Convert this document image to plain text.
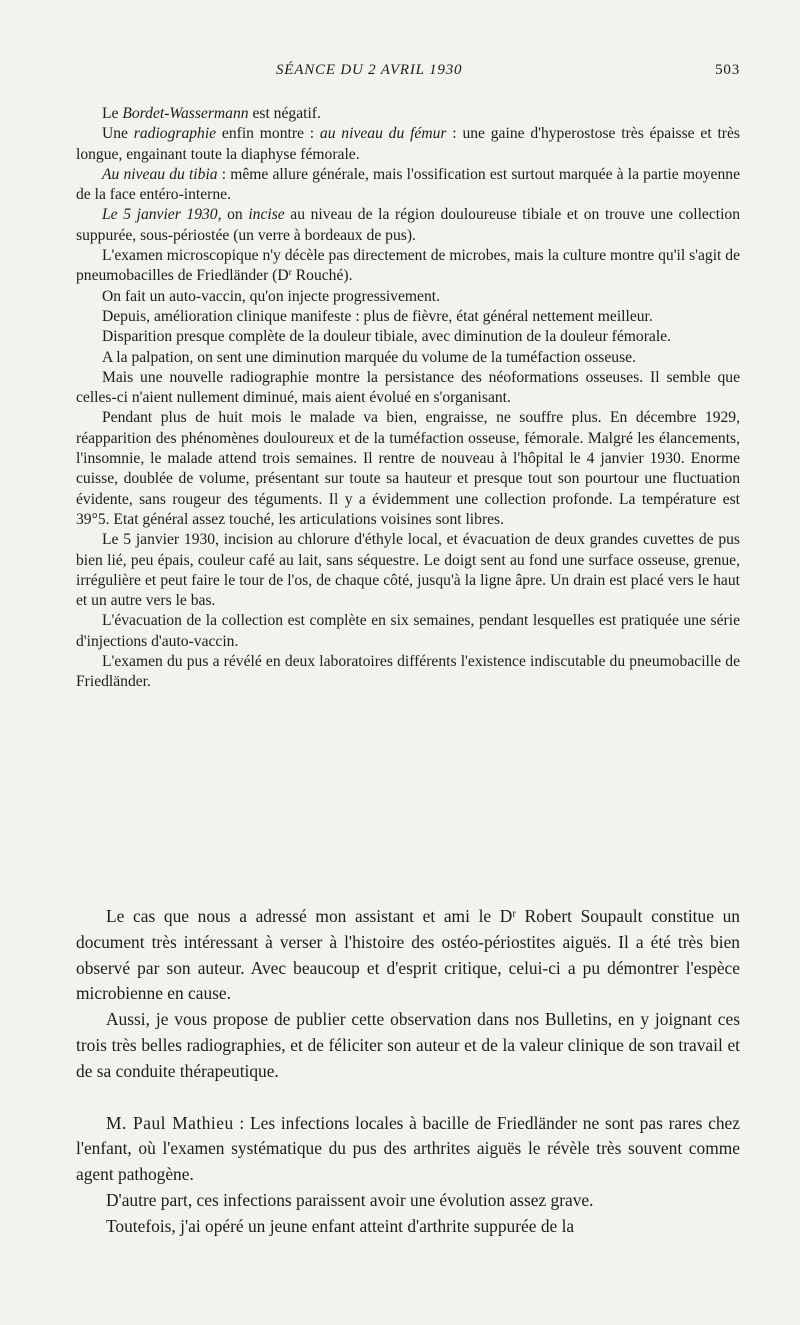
SÉANCE DU 2 AVRIL 1930	503

Le Bordet-Wassermann est négatif.

Une radiographie enfin montre : au niveau du fémur : une gaine d'hyperostose très épaisse et très longue, engainant toute la diaphyse fémorale.

Au niveau du tibia : même allure générale, mais l'ossification est surtout marquée à la partie moyenne de la face entéro-interne.

Le 5 janvier 1930, on incise au niveau de la région douloureuse tibiale et on trouve une collection suppurée, sous-périostée (un verre à bordeaux de pus).

L'examen microscopique n'y décèle pas directement de microbes, mais la culture montre qu'il s'agit de pneumobacilles de Friedländer ($D^r$ Rouché).

On fait un auto-vaccin, qu'on injecte progressivement.

Depuis, amélioration clinique manifeste : plus de fièvre, état général nettement meilleur.

Disparition presque complète de la douleur tibiale, avec diminution de la douleur fémorale.

A la palpation, on sent une diminution marquée du volume de la tuméfaction osseuse.

Mais une nouvelle radiographie montre la persistance des néoformations osseuses. Il semble que celles-ci n'aient nullement diminué, mais aient évolué en s'organisant.

Pendant plus de huit mois le malade va bien, engraisse, ne souffre plus. En décembre 1929, réapparition des phénomènes douloureux et de la tuméfaction osseuse, fémorale. Malgré les élancements, l'insomnie, le malade attend trois semaines. Il rentre de nouveau à l'hôpital le 4 janvier 1930. Enorme cuisse, doublée de volume, présentant sur toute sa hauteur et presque tout son pourtour une fluctuation évidente, sans rougeur des téguments. Il y a évidemment une collection profonde. La température est 39°5. Etat général assez touché, les articulations voisines sont libres.

Le 5 janvier 1930, incision au chlorure d'éthyle local, et évacuation de deux grandes cuvettes de pus bien lié, peu épais, couleur café au lait, sans séquestre. Le doigt sent au fond une surface osseuse, grenue, irrégulière et peut faire le tour de l'os, de chaque côté, jusqu'à la ligne âpre. Un drain est placé vers le haut et un autre vers le bas.

L'évacuation de la collection est complète en six semaines, pendant lesquelles est pratiquée une série d'injections d'auto-vaccin.

L'examen du pus a révélé en deux laboratoires différents l'existence indiscutable du pneumobacille de Friedländer.

Le cas que nous a adressé mon assistant et ami le $D^r$ Robert Soupault constitue un document très intéressant à verser à l'histoire des ostéo-périostites aiguës. Il a été très bien observé par son auteur. Avec beaucoup et d'esprit critique, celui-ci a pu démontrer l'espèce microbienne en cause.

Aussi, je vous propose de publier cette observation dans nos Bulletins, en y joignant ces trois très belles radiographies, et de féliciter son auteur et de la valeur clinique de son travail et de sa conduite thérapeutique.

M. Paul Mathieu : Les infections locales à bacille de Friedländer ne sont pas rares chez l'enfant, où l'examen systématique du pus des arthrites aiguës le révèle très souvent comme agent pathogène.

D'autre part, ces infections paraissent avoir une évolution assez grave.

Toutefois, j'ai opéré un jeune enfant atteint d'arthrite suppurée de la
